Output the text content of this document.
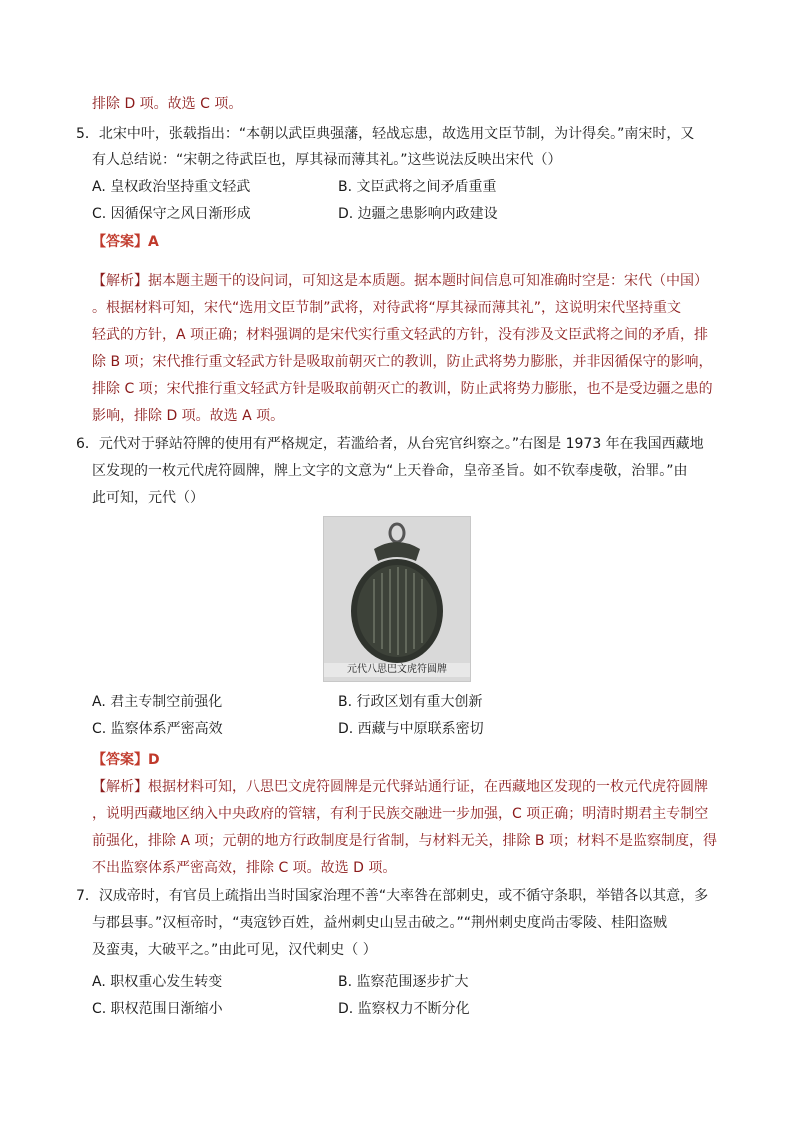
排除 D 项。故选 C 项。
5．北宋中叶，张载指出：“本朝以武臣典强藩，轻战忘患，故选用文臣节制，为计得矣。”南宋时，又
有人总结说：“宋朝之待武臣也，厚其禄而薄其礼。”这些说法反映出宋代（）
A. 皇权政治坚持重文轻武	B. 文臣武将之间矛盾重重
C. 因循保守之风日渐形成	D. 边疆之患影响内政建设
【答案】A
【解析】据本题主题干的设问词，可知这是本质题。据本题时间信息可知准确时空是：宋代（中国）
。根据材料可知，宋代“选用文臣节制”武将，对待武将“厚其禄而薄其礼”，这说明宋代坚持重文
轻武的方针，A 项正确；材料强调的是宋代实行重文轻武的方针，没有涉及文臣武将之间的矛盾，排
除 B 项；宋代推行重文轻武方针是吸取前朝灭亡的教训，防止武将势力膨胀，并非因循保守的影响，
排除 C 项；宋代推行重文轻武方针是吸取前朝灭亡的教训，防止武将势力膨胀，也不是受边疆之患的
影响，排除 D 项。故选 A 项。
6．元代对于驿站符牌的使用有严格规定，若滥给者，从台宪官纠察之。”右图是 1973 年在我国西藏地
区发现的一枚元代虎符圆牌，牌上文字的文意为“上天眷命，皇帝圣旨。如不钦奉虔敬，治罪。”由
此可知，元代（）
元代八思巴文虎符圆牌
A. 君主专制空前强化	B. 行政区划有重大创新
C. 监察体系严密高效	D. 西藏与中原联系密切
【答案】D
【解析】根据材料可知，八思巴文虎符圆牌是元代驿站通行证，在西藏地区发现的一枚元代虎符圆牌
，说明西藏地区纳入中央政府的管辖，有利于民族交融进一步加强，C 项正确；明清时期君主专制空
前强化，排除 A 项；元朝的地方行政制度是行省制，与材料无关，排除 B 项；材料不是监察制度，得
不出监察体系严密高效，排除 C 项。故选 D 项。
7．汉成帝时，有官员上疏指出当时国家治理不善“大率咎在部刺史，或不循守条职，举错各以其意，多
与郡县事。”汉桓帝时，“夷寇钞百姓，益州刺史山昱击破之。”“荆州刺史度尚击零陵、桂阳盗贼
及蛮夷，大破平之。”由此可见，汉代刺史（ ）
A. 职权重心发生转变	B. 监察范围逐步扩大
C. 职权范围日渐缩小	D. 监察权力不断分化
